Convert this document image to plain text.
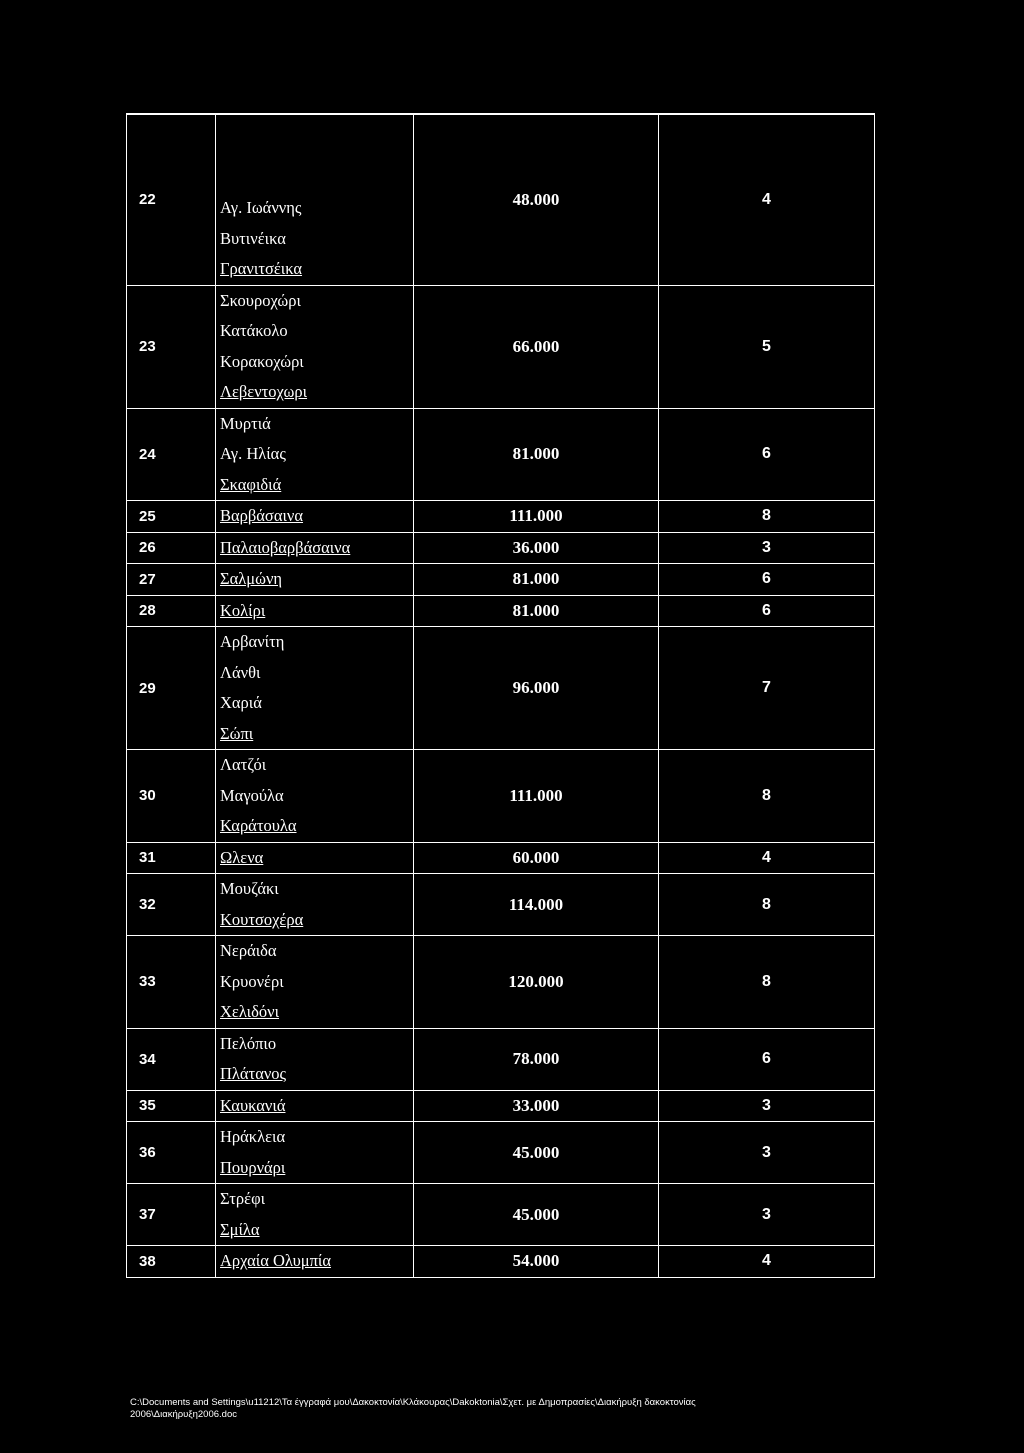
22	Αγ. Ιωάννης
Βυτινέικα
Γρανιτσέικα	48.000	4
23	Σκουροχώρι
Κατάκολο
Κορακοχώρι
Λεβεντοχωρι	66.000	5
24	Μυρτιά
Αγ. Ηλίας
Σκαφιδιά	81.000	6
25	Βαρβάσαινα	111.000	8
26	Παλαιοβαρβάσαινα	36.000	3
27	Σαλμώνη	81.000	6
28	Κολίρι	81.000	6
29	Αρβανίτη
Λάνθι
Χαριά
Σώπι	96.000	7
30	Λατζόι
Μαγούλα
Καράτουλα	111.000	8
31	Ωλενα	60.000	4
32	Μουζάκι
Κουτσοχέρα	114.000	8
33	Νεράιδα
Κρυονέρι
Χελιδόνι	120.000	8
34	Πελόπιο
Πλάτανος	78.000	6
35	Καυκανιά	33.000	3
36	Ηράκλεια
Πουρνάρι	45.000	3
37	Στρέφι
Σμίλα	45.000	3
38	Αρχαία Ολυμπία	54.000	4
C:\Documents and Settings\u11212\Τα έγγραφά μου\Δακοκτονία\Κλάκουρας\Dakoktonia\Σχετ. με Δημοπρασίες\Διακήρυξη δακοκτονίας
2006\Διακήρυξη2006.doc
